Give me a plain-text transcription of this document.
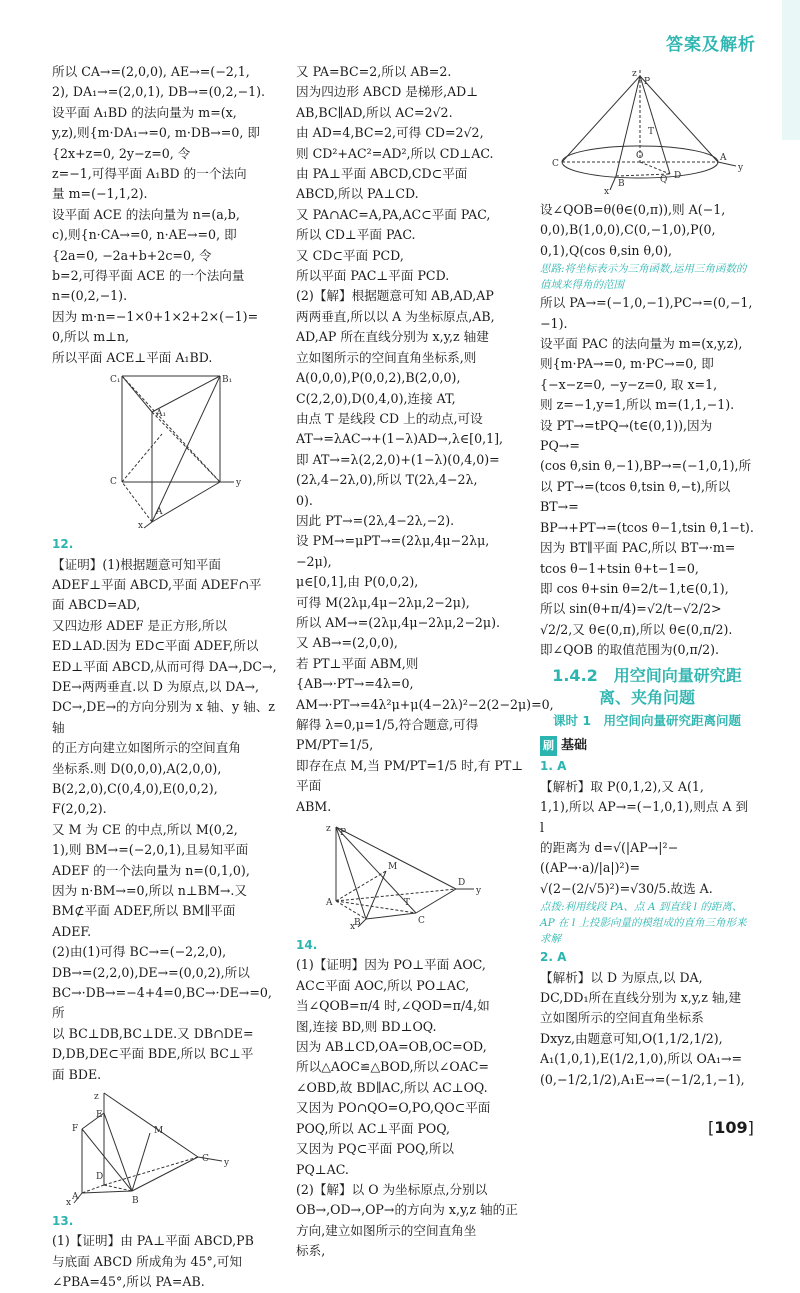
答案及解析

所以 CA→=(2,0,0), AE→=(−2,1,

2), DA₁→=(2,0,1), DB→=(0,2,−1).

设平面 A₁BD 的法向量为 m=(x,

y,z),则{m·DA₁→=0, m·DB→=0, 即{2x+z=0, 2y−z=0, 令

z=−1,可得平面 A₁BD 的一个法向

量 m=(−1,1,2).

设平面 ACE 的法向量为 n=(a,b,

c),则{n·CA→=0, n·AE→=0, 即{2a=0, −2a+b+2c=0, 令

b=2,可得平面 ACE 的一个法向量

n=(0,2,−1).

因为 m·n=−1×0+1×2+2×(−1)=

0,所以 m⊥n,

所以平面 ACE⊥平面 A₁BD.

C₁	B₁
A₁
C
A
y
x

12.

【证明】(1)根据题意可知平面

ADEF⊥平面 ABCD,平面 ADEF∩平

面 ABCD=AD,

又四边形 ADEF 是正方形,所以

ED⊥AD.因为 ED⊂平面 ADEF,所以

ED⊥平面 ABCD,从而可得 DA→,DC→,

DE→两两垂直.以 D 为原点,以 DA→,

DC→,DE→的方向分别为 x 轴、y 轴、z 轴

的正方向建立如图所示的空间直角

坐标系.则 D(0,0,0),A(2,0,0),

B(2,2,0),C(0,4,0),E(0,0,2),

F(2,0,2).

又 M 为 CE 的中点,所以 M(0,2,

1),则 BM→=(−2,0,1),且易知平面

ADEF 的一个法向量为 n=(0,1,0),

因为 n·BM→=0,所以 n⊥BM→.又

BM⊄平面 ADEF,所以 BM∥平面

ADEF.

(2)由(1)可得 BC→=(−2,2,0),

DB→=(2,2,0),DE→=(0,0,2),所以

BC→·DB→=−4+4=0,BC→·DE→=0,所

以 BC⊥DB,BC⊥DE.又 DB∩DE=

D,DB,DE⊂平面 BDE,所以 BC⊥平

面 BDE.

z
E
F	M
D
C
A	B
y
x

13.

(1)【证明】由 PA⊥平面 ABCD,PB

与底面 ABCD 所成角为 45°,可知

∠PBA=45°,所以 PA=AB.

又 PA=BC=2,所以 AB=2.

因为四边形 ABCD 是梯形,AD⊥

AB,BC∥AD,所以 AC=2√2.

由 AD=4,BC=2,可得 CD=2√2,

则 CD²+AC²=AD²,所以 CD⊥AC.

由 PA⊥平面 ABCD,CD⊂平面

ABCD,所以 PA⊥CD.

又 PA∩AC=A,PA,AC⊂平面 PAC,

所以 CD⊥平面 PAC.

又 CD⊂平面 PCD,

所以平面 PAC⊥平面 PCD.

(2)【解】根据题意可知 AB,AD,AP

两两垂直,所以以 A 为坐标原点,AB,

AD,AP 所在直线分别为 x,y,z 轴建

立如图所示的空间直角坐标系,则

A(0,0,0),P(0,0,2),B(2,0,0),

C(2,2,0),D(0,4,0),连接 AT,

由点 T 是线段 CD 上的动点,可设

AT→=λAC→+(1−λ)AD→,λ∈[0,1],

即 AT→=λ(2,2,0)+(1−λ)(0,4,0)=

(2λ,4−2λ,0),所以 T(2λ,4−2λ,

0).

因此 PT→=(2λ,4−2λ,−2).

设 PM→=μPT→=(2λμ,4μ−2λμ,−2μ),

μ∈[0,1],由 P(0,0,2),

可得 M(2λμ,4μ−2λμ,2−2μ),

所以 AM→=(2λμ,4μ−2λμ,2−2μ).

又 AB→=(2,0,0),

若 PT⊥平面 ABM,则

{AB→·PT→=4λ=0, AM→·PT→=4λ²μ+μ(4−2λ)²−2(2−2μ)=0,

解得 λ=0,μ=1/5,符合题意,可得

PM/PT=1/5,

即存在点 M,当 PM/PT=1/5 时,有 PT⊥平面

ABM.

z P
M
A
D
B	C
T
y
x

14.

(1)【证明】因为 PO⊥平面 AOC,

AC⊂平面 AOC,所以 PO⊥AC,

当∠QOB=π/4 时,∠QOD=π/4,如

图,连接 BD,则 BD⊥OQ.

因为 AB⊥CD,OA=OB,OC=OD,

所以△AOC≌△BOD,所以∠OAC=

∠OBD,故 BD∥AC,所以 AC⊥OQ.

又因为 PO∩QO=O,PO,QO⊂平面

POQ,所以 AC⊥平面 POQ,

又因为 PQ⊂平面 POQ,所以

PQ⊥AC.

(2)【解】以 O 为坐标原点,分别以

OB→,OD→,OP→的方向为 x,y,z 轴的正

方向,建立如图所示的空间直角坐

标系,

z
P
T
C
O	A
D
Q
B
y
x

设∠QOB=θ(θ∈(0,π)),则 A(−1,

0,0),B(1,0,0),C(0,−1,0),P(0,

0,1),Q(cos θ,sin θ,0),

思路:将坐标表示为三角函数,运用三角函数的值域来得角的范围

所以 PA→=(−1,0,−1),PC→=(0,−1,

−1).

设平面 PAC 的法向量为 m=(x,y,z),

则{m·PA→=0, m·PC→=0, 即{−x−z=0, −y−z=0, 取 x=1,

则 z=−1,y=1,所以 m=(1,1,−1).

设 PT→=tPQ→(t∈(0,1)),因为 PQ→=

(cos θ,sin θ,−1),BP→=(−1,0,1),所

以 PT→=(tcos θ,tsin θ,−t),所以 BT→=

BP→+PT→=(tcos θ−1,tsin θ,1−t).

因为 BT∥平面 PAC,所以 BT→·m=

tcos θ−1+tsin θ+t−1=0,

即 cos θ+sin θ=2/t−1,t∈(0,1),

所以 sin(θ+π/4)=√2/t−√2/2>

√2/2,又 θ∈(0,π),所以 θ∈(0,π/2).

即∠QOB 的取值范围为(0,π/2).

1.4.2　用空间向量研究距离、夹角问题
课时 1　用空间向量研究距离问题

刷 基础

1. A

【解析】取 P(0,1,2),又 A(1,

1,1),所以 AP→=(−1,0,1),则点 A 到 l

的距离为 d=√(|AP→|²−((AP→·a)/|a|)²)=

√(2−(2/√5)²)=√30/5.故选 A.

点拨:利用线段 PA、点 A 到直线 l 的距离、AP 在 l 上投影向量的模组成的直角三角形来求解

2. A

【解析】以 D 为原点,以 DA,

DC,DD₁所在直线分别为 x,y,z 轴,建

立如图所示的空间直角坐标系

Dxyz,由题意可知,O(1,1/2,1/2),

A₁(1,0,1),E(1/2,1,0),所以 OA₁→=

(0,−1/2,1/2),A₁E→=(−1/2,1,−1),

[109]
